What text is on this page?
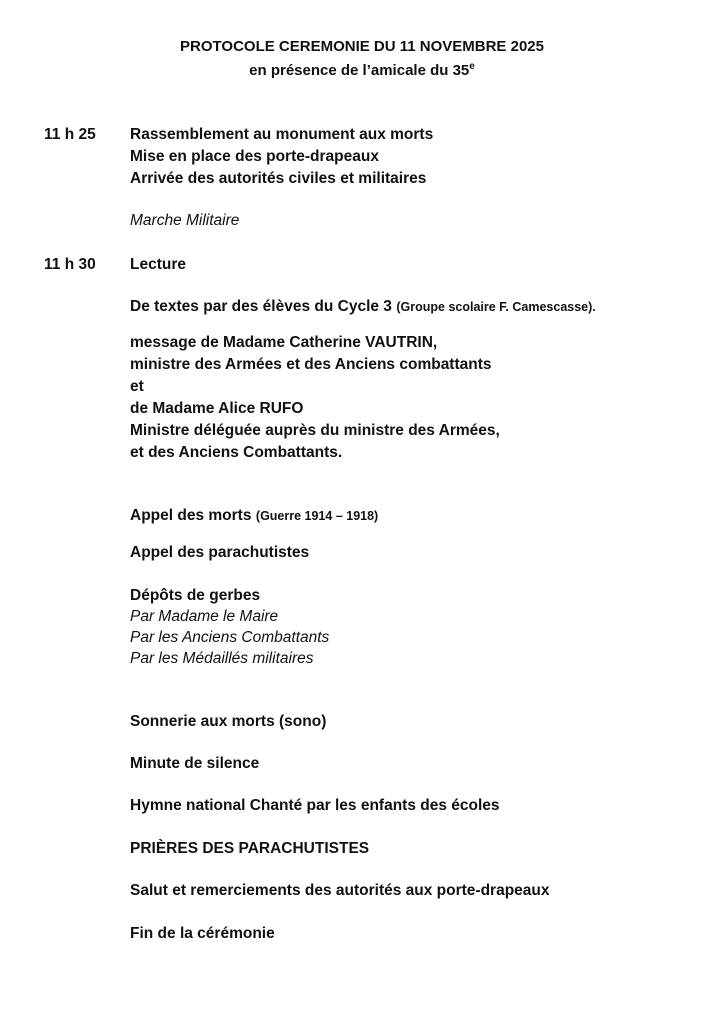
PROTOCOLE CEREMONIE DU 11 NOVEMBRE 2025
en présence de l’amicale du 35e
11 h 25 Rassemblement au monument aux morts
Mise en place des porte-drapeaux
Arrivée des autorités civiles et militaires
Marche Militaire
11 h 30 Lecture
De textes par des élèves du Cycle 3 (Groupe scolaire F. Camescasse).
message de Madame Catherine VAUTRIN,
ministre des Armées et des Anciens combattants
et
de Madame Alice RUFO
Ministre déléguée auprès du ministre des Armées,
et des Anciens Combattants.
Appel des morts (Guerre 1914 – 1918)
Appel des parachutistes
Dépôts de gerbes
Par Madame le Maire
Par les Anciens Combattants
Par les Médaillés militaires
Sonnerie aux morts (sono)
Minute de silence
Hymne national Chanté par les enfants des écoles
PRIÈRES DES PARACHUTISTES
Salut et remerciements des autorités aux porte-drapeaux
Fin de la cérémonie
